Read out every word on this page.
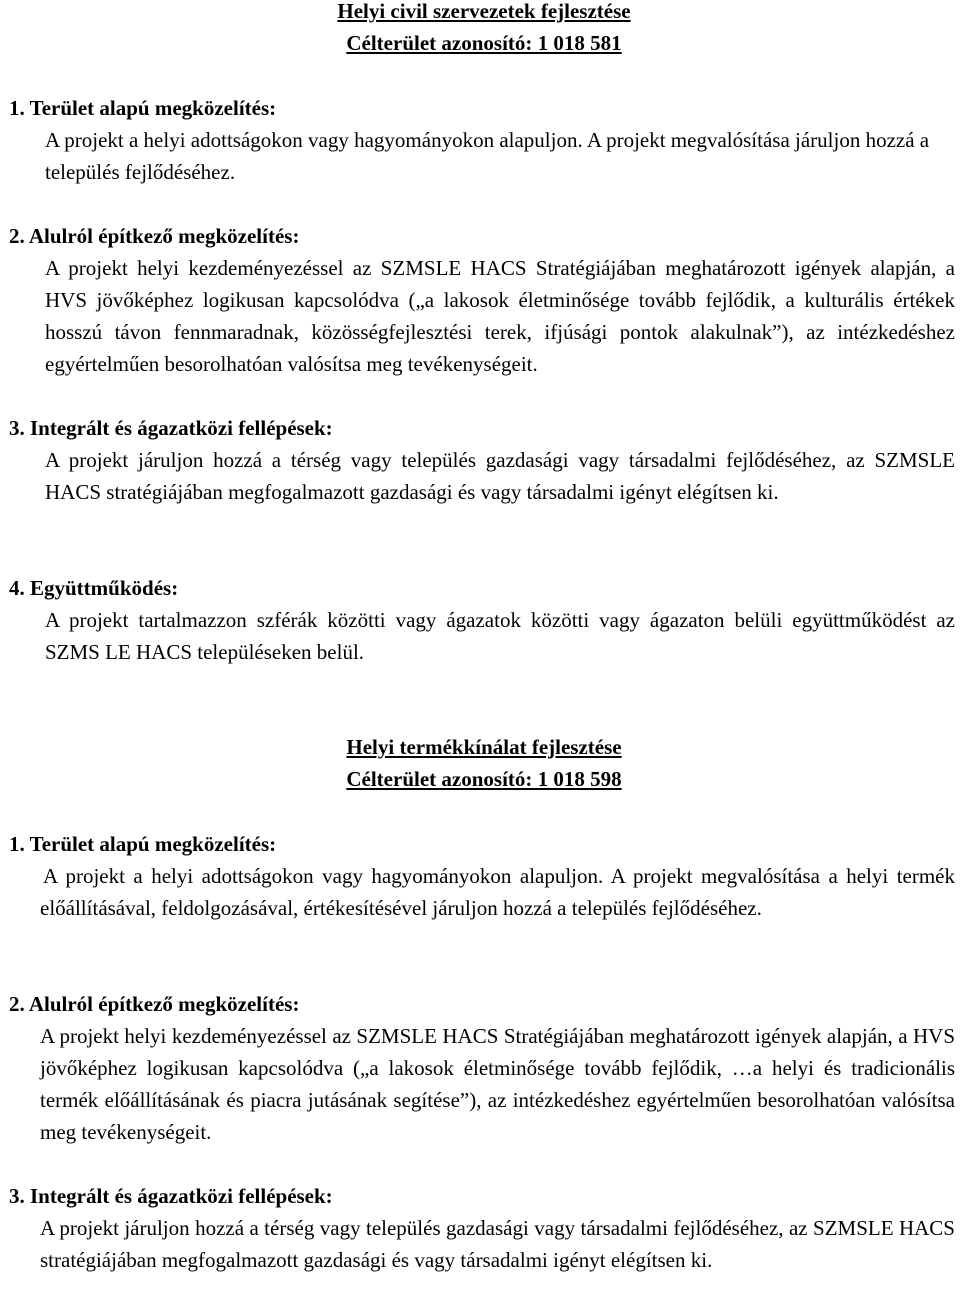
Helyi civil szervezetek fejlesztése
Célterület azonosító: 1 018 581
1. Terület alapú megközelítés:
A projekt a helyi adottságokon vagy hagyományokon alapuljon. A projekt megvalósítása járuljon hozzá a település fejlődéséhez.
2. Alulról építkező megközelítés:
A projekt helyi kezdeményezéssel az SZMSLE HACS Stratégiájában meghatározott igények alapján, a HVS jövőképhez logikusan kapcsolódva („a lakosok életminősége tovább fejlődik, a kulturális értékek hosszú távon fennmaradnak, közösségfejlesztési terek, ifjúsági pontok alakulnak”), az intézkedéshez egyértelműen besorolhatóan valósítsa meg tevékenységeit.
3. Integrált és ágazatközi fellépések:
A projekt járuljon hozzá a térség vagy település gazdasági vagy társadalmi fejlődéséhez, az SZMSLE HACS stratégiájában megfogalmazott gazdasági és vagy társadalmi igényt elégítsen ki.
4. Együttműködés:
A projekt tartalmazzon szférák közötti vagy ágazatok közötti vagy ágazaton belüli együttműködést az SZMS LE HACS településeken belül.
Helyi termékkínálat fejlesztése
Célterület azonosító: 1 018 598
1. Terület alapú megközelítés:
A projekt a helyi adottságokon vagy hagyományokon alapuljon. A projekt megvalósítása a helyi termék előállításával, feldolgozásával, értékesítésével járuljon hozzá a település fejlődéséhez.
2. Alulról építkező megközelítés:
A projekt helyi kezdeményezéssel az SZMSLE HACS Stratégiájában meghatározott igények alapján, a HVS jövőképhez logikusan kapcsolódva („a lakosok életminősége tovább fejlődik, …a helyi és tradicionális termék előállításának és piacra jutásának segítése”), az intézkedéshez egyértelműen besorolhatóan valósítsa meg tevékenységeit.
3. Integrált és ágazatközi fellépések:
A projekt járuljon hozzá a térség vagy település gazdasági vagy társadalmi fejlődéséhez, az SZMSLE HACS stratégiájában megfogalmazott gazdasági és vagy társadalmi igényt elégítsen ki.
